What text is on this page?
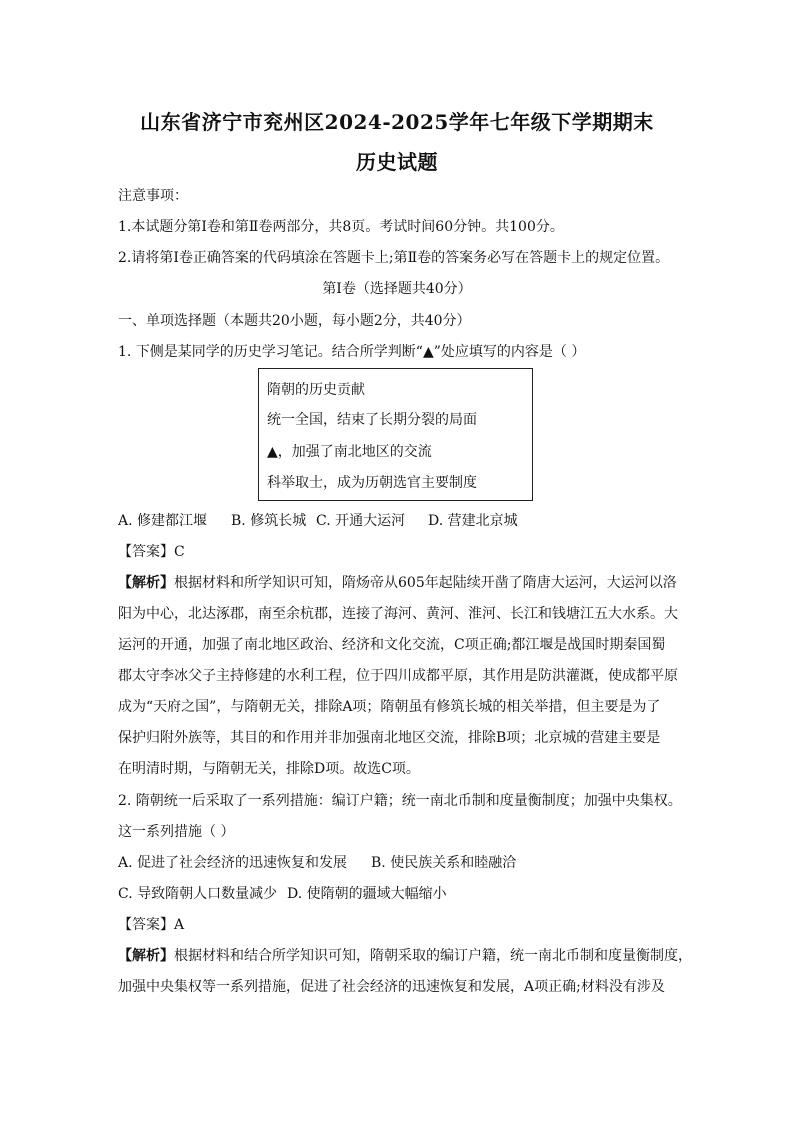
山东省济宁市兖州区2024-2025学年七年级下学期期末
历史试题
注意事项：
1.本试题分第Ⅰ卷和第Ⅱ卷两部分，共8页。考试时间60分钟。共100分。
2.请将第Ⅰ卷正确答案的代码填涂在答题卡上;第Ⅱ卷的答案务必写在答题卡上的规定位置。
第Ⅰ卷（选择题共40分）
一、单项选择题（本题共20小题，每小题2分，共40分）
1. 下侧是某同学的历史学习笔记。结合所学判断“▲”处应填写的内容是（ ）
隋朝的历史贡献
统一全国，结束了长期分裂的局面
▲，加强了南北地区的交流
科举取士，成为历朝选官主要制度
A. 修建都江堰 B. 修筑长城 C. 开通大运河 D. 营建北京城
【答案】C
【解析】根据材料和所学知识可知，隋炀帝从605年起陆续开凿了隋唐大运河，大运河以洛
阳为中心，北达涿郡，南至余杭郡，连接了海河、黄河、淮河、长江和钱塘江五大水系。大
运河的开通，加强了南北地区政治、经济和文化交流，C项正确;都江堰是战国时期秦国蜀
郡太守李冰父子主持修建的水利工程，位于四川成都平原，其作用是防洪灌溉，使成都平原
成为“天府之国”，与隋朝无关，排除A项；隋朝虽有修筑长城的相关举措，但主要是为了
保护归附外族等，其目的和作用并非加强南北地区交流，排除B项；北京城的营建主要是
在明清时期，与隋朝无关，排除D项。故选C项。
2. 隋朝统一后采取了一系列措施：编订户籍；统一南北币制和度量衡制度；加强中央集权。
这一系列措施（ ）
A. 促进了社会经济的迅速恢复和发展 B. 使民族关系和睦融洽
C. 导致隋朝人口数量减少 D. 使隋朝的疆域大幅缩小
【答案】A
【解析】根据材料和结合所学知识可知，隋朝采取的编订户籍，统一南北币制和度量衡制度，
加强中央集权等一系列措施，促进了社会经济的迅速恢复和发展，A项正确;材料没有涉及
